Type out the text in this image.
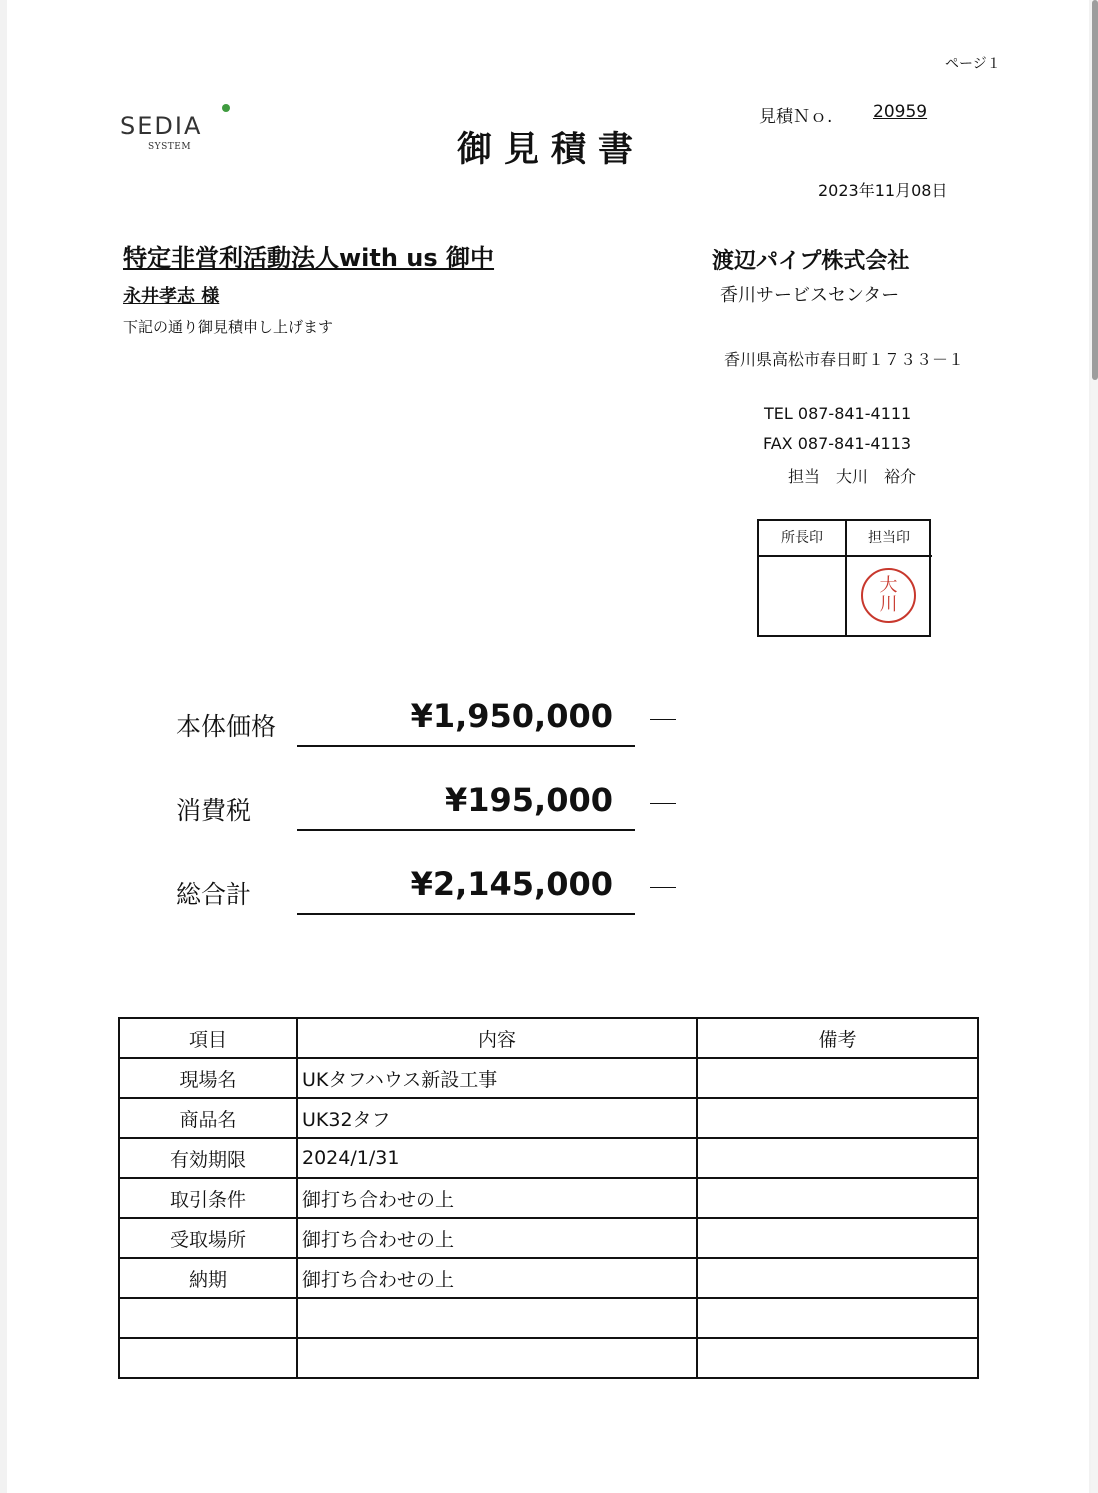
ページ１
SEDIA
SYSTEM	御見積書
見積Ｎｏ. 20959
2023年11月08日
特定非営利活動法人with us 御中
永井孝志 様
下記の通り御見積申し上げます
渡辺パイプ株式会社
香川サービスセンター
香川県高松市春日町１７３３－１
TEL 087-841-4111
FAX 087-841-4113
担当　大川　裕介
所長印	担当印
大
川
本体価格	¥1,950,000
消費税	¥195,000
総合計	¥2,145,000
項目	内容	備考
現場名	UKタフハウス新設工事	
商品名	UK32タフ	
有効期限	2024/1/31	
取引条件	御打ち合わせの上	
受取場所	御打ち合わせの上	
納期	御打ち合わせの上	
